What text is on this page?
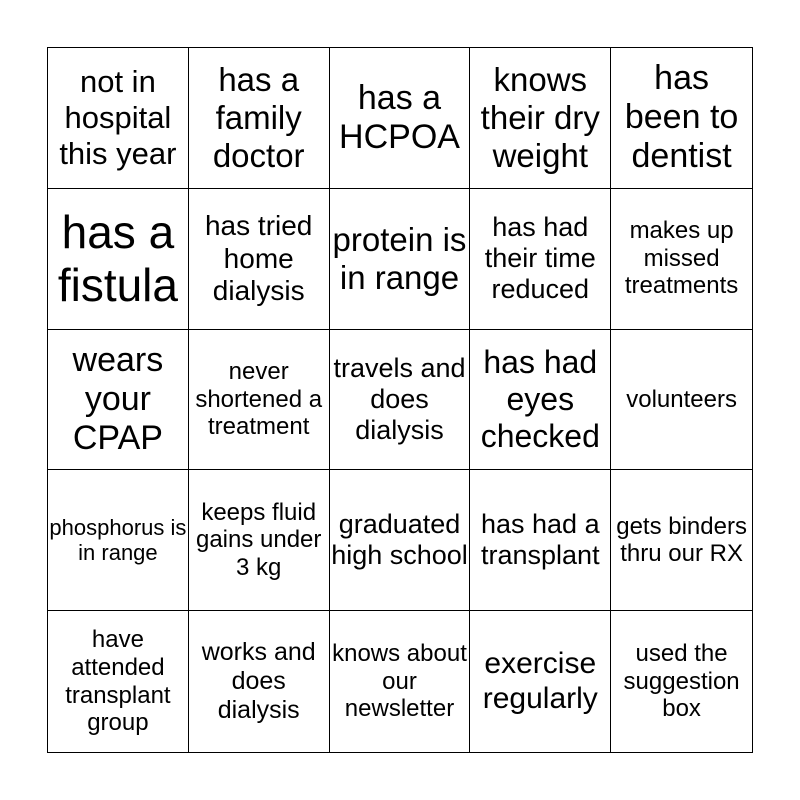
not in hospital this year
has a family doctor
has a HCPOA
knows their dry weight
has been to dentist
has a fistula
has tried home dialysis
protein is in range
has had their time reduced
makes up missed treatments
wears your CPAP
never shortened a treatment
travels and does dialysis
has had eyes checked
volunteers
phosphorus is in range
keeps fluid gains under 3 kg
graduated high school
has had a transplant
gets binders thru our RX
have attended transplant group
works and does dialysis
knows about our newsletter
exercise regularly
used the suggestion box
